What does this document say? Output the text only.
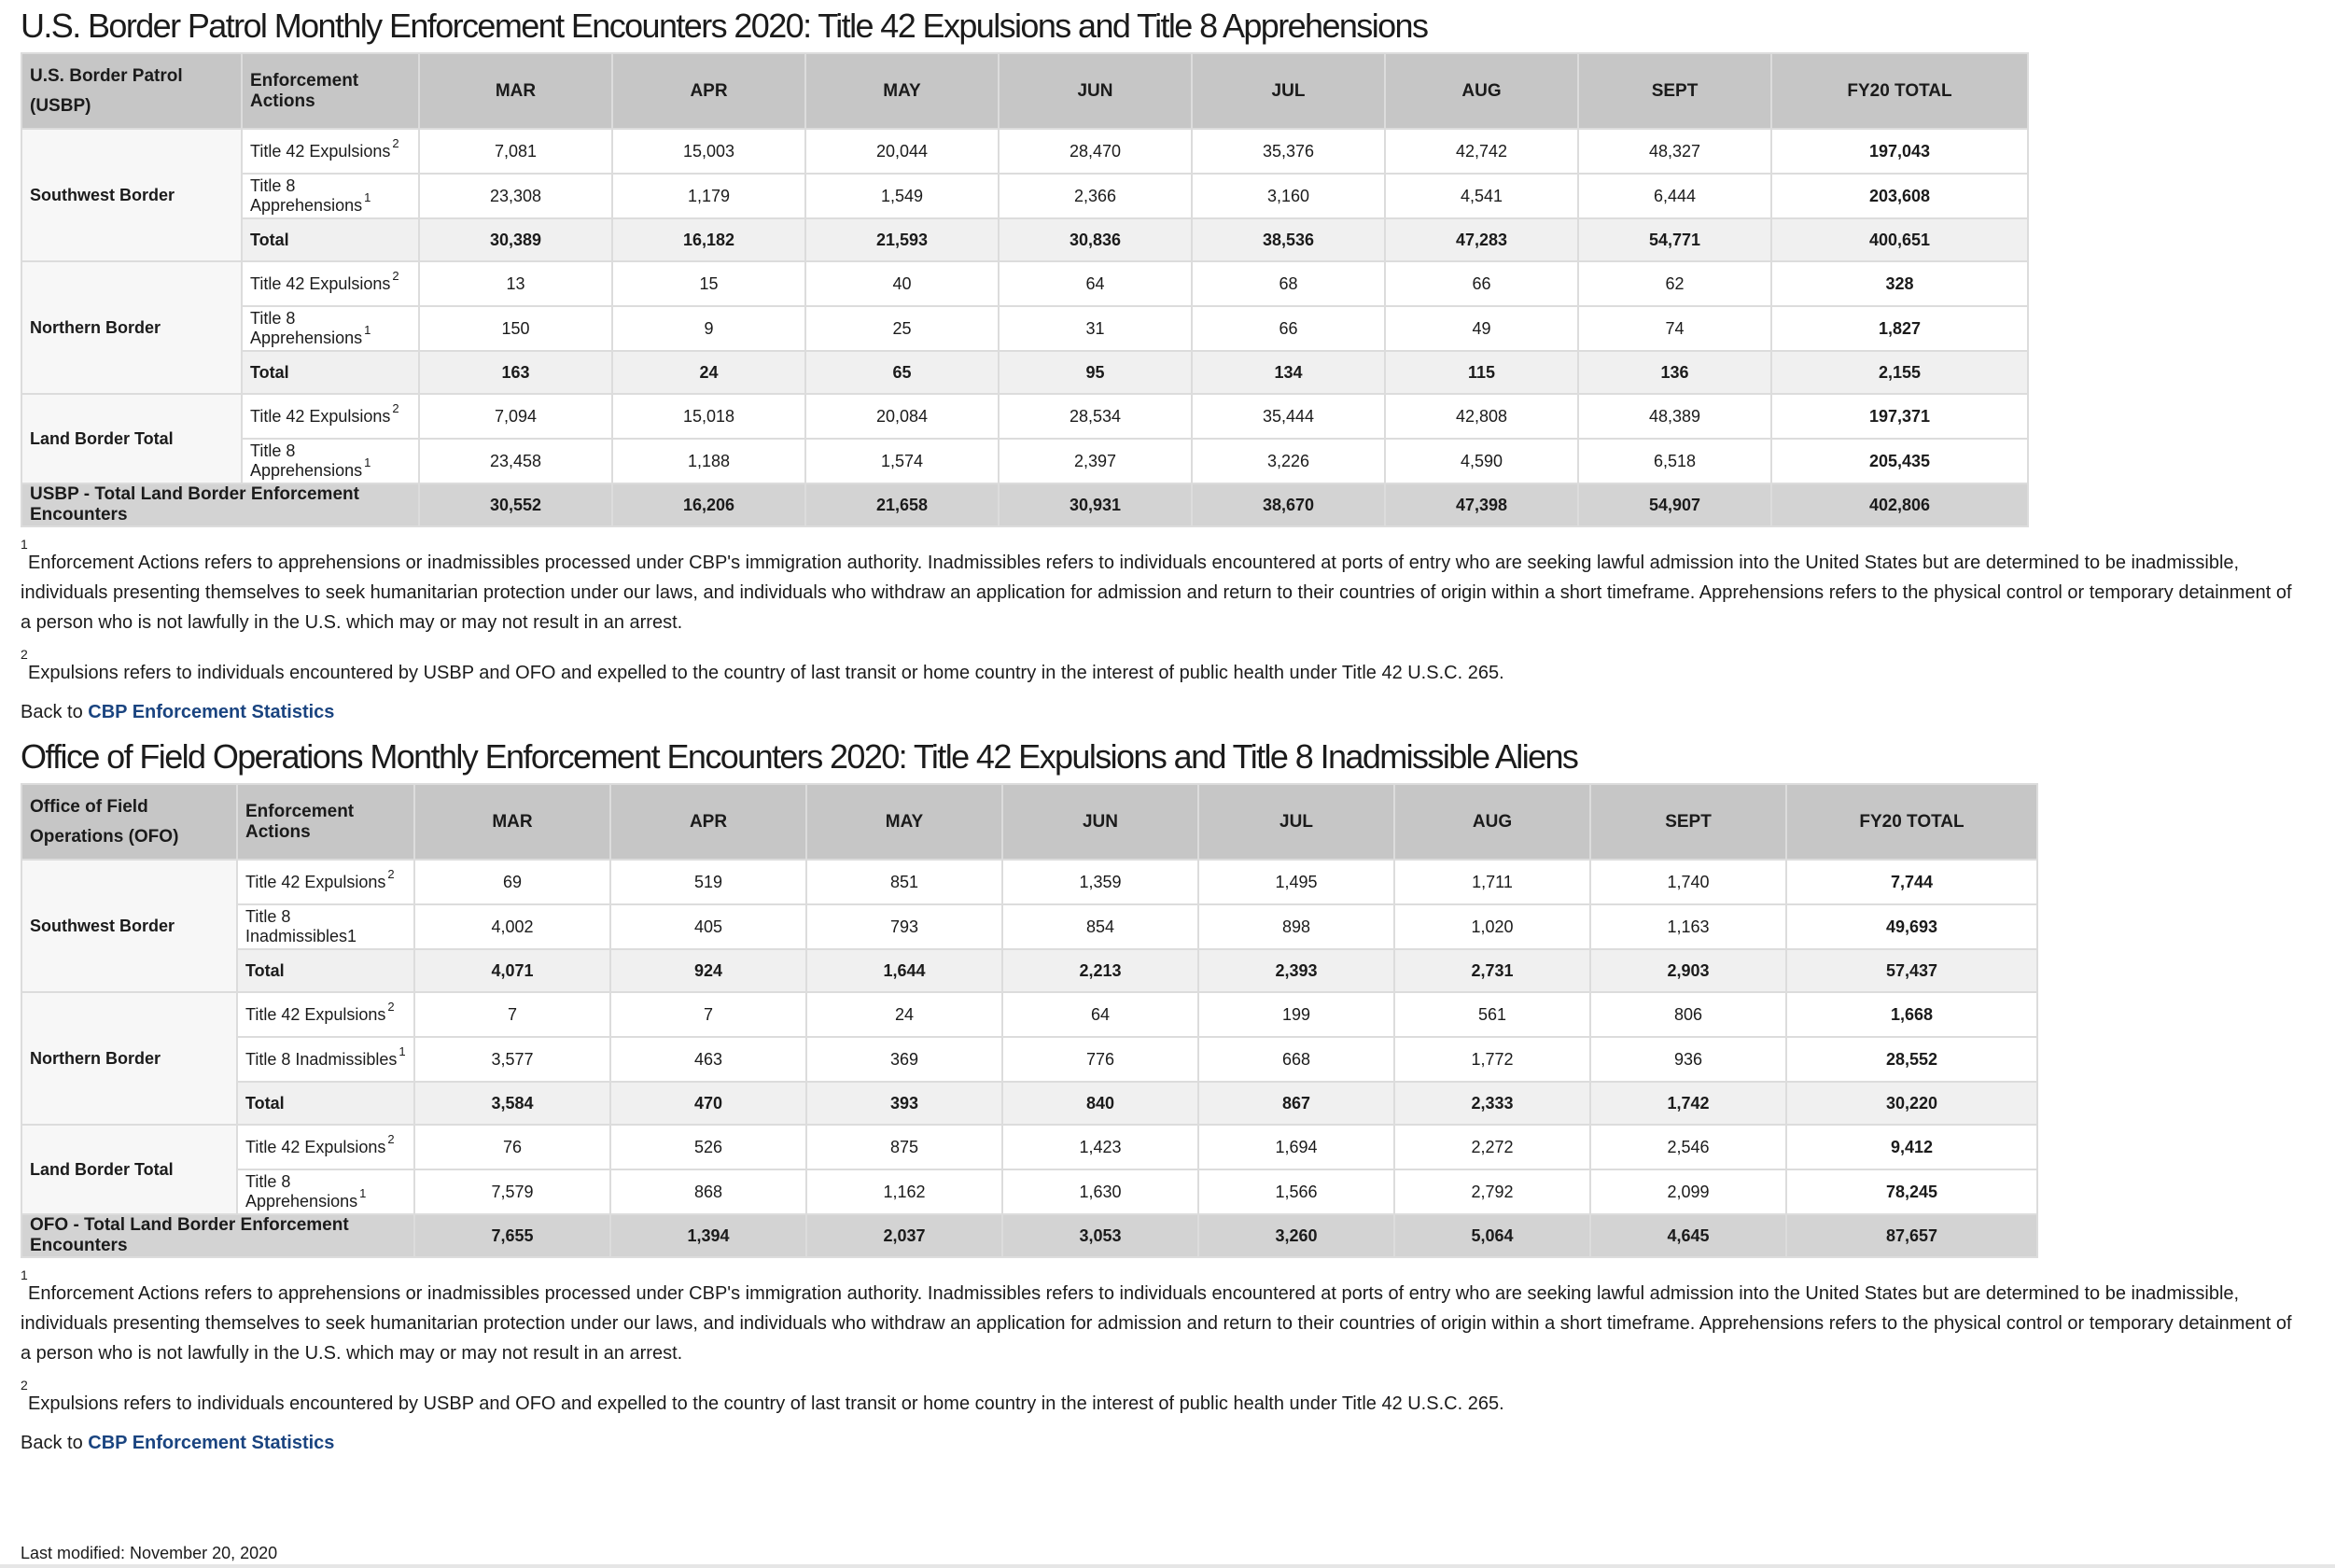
U.S. Border Patrol Monthly Enforcement Encounters 2020: Title 42 Expulsions and Title 8 Apprehensions
U.S. Border Patrol (USBP)	Enforcement Actions	MAR	APR	MAY	JUN	JUL	AUG	SEPT	FY20 TOTAL
Southwest Border	Title 42 Expulsions $^2$	7,081	15,003	20,044	28,470	35,376	42,742	48,327	197,043
	Title 8 Apprehensions $^1$	23,308	1,179	1,549	2,366	3,160	4,541	6,444	203,608
	Total	30,389	16,182	21,593	30,836	38,536	47,283	54,771	400,651
Northern Border	Title 42 Expulsions $^2$	13	15	40	64	68	66	62	328
	Title 8 Apprehensions $^1$	150	9	25	31	66	49	74	1,827
	Total	163	24	65	95	134	115	136	2,155
Land Border Total	Title 42 Expulsions $^2$	7,094	15,018	20,084	28,534	35,444	42,808	48,389	197,371
	Title 8 Apprehensions $^1$	23,458	1,188	1,574	2,397	3,226	4,590	6,518	205,435
USBP - Total Land Border Enforcement Encounters		30,552	16,206	21,658	30,931	38,670	47,398	54,907	402,806
1
Enforcement Actions refers to apprehensions or inadmissibles processed under CBP's immigration authority. Inadmissibles refers to individuals encountered at ports of entry who are seeking lawful admission into the United States but are determined to be inadmissible, individuals presenting themselves to seek humanitarian protection under our laws, and individuals who withdraw an application for admission and return to their countries of origin within a short timeframe. Apprehensions refers to the physical control or temporary detainment of a person who is not lawfully in the U.S. which may or may not result in an arrest.
2
Expulsions refers to individuals encountered by USBP and OFO and expelled to the country of last transit or home country in the interest of public health under Title 42 U.S.C. 265.
Back to CBP Enforcement Statistics
Office of Field Operations Monthly Enforcement Encounters 2020: Title 42 Expulsions and Title 8 Inadmissible Aliens
Office of Field Operations (OFO)	Enforcement Actions	MAR	APR	MAY	JUN	JUL	AUG	SEPT	FY20 TOTAL
Southwest Border	Title 42 Expulsions $^2$	69	519	851	1,359	1,495	1,711	1,740	7,744
	Title 8 Inadmissibles1	4,002	405	793	854	898	1,020	1,163	49,693
	Total	4,071	924	1,644	2,213	2,393	2,731	2,903	57,437
Northern Border	Title 42 Expulsions $^2$	7	7	24	64	199	561	806	1,668
	Title 8 Inadmissibles $^1$	3,577	463	369	776	668	1,772	936	28,552
	Total	3,584	470	393	840	867	2,333	1,742	30,220
Land Border Total	Title 42 Expulsions $^2$	76	526	875	1,423	1,694	2,272	2,546	9,412
	Title 8 Apprehensions $^1$	7,579	868	1,162	1,630	1,566	2,792	2,099	78,245
OFO - Total Land Border Enforcement Encounters		7,655	1,394	2,037	3,053	3,260	5,064	4,645	87,657
1
Enforcement Actions refers to apprehensions or inadmissibles processed under CBP's immigration authority. Inadmissibles refers to individuals encountered at ports of entry who are seeking lawful admission into the United States but are determined to be inadmissible, individuals presenting themselves to seek humanitarian protection under our laws, and individuals who withdraw an application for admission and return to their countries of origin within a short timeframe. Apprehensions refers to the physical control or temporary detainment of a person who is not lawfully in the U.S. which may or may not result in an arrest.
2
Expulsions refers to individuals encountered by USBP and OFO and expelled to the country of last transit or home country in the interest of public health under Title 42 U.S.C. 265.
Back to CBP Enforcement Statistics
Last modified: November 20, 2020
